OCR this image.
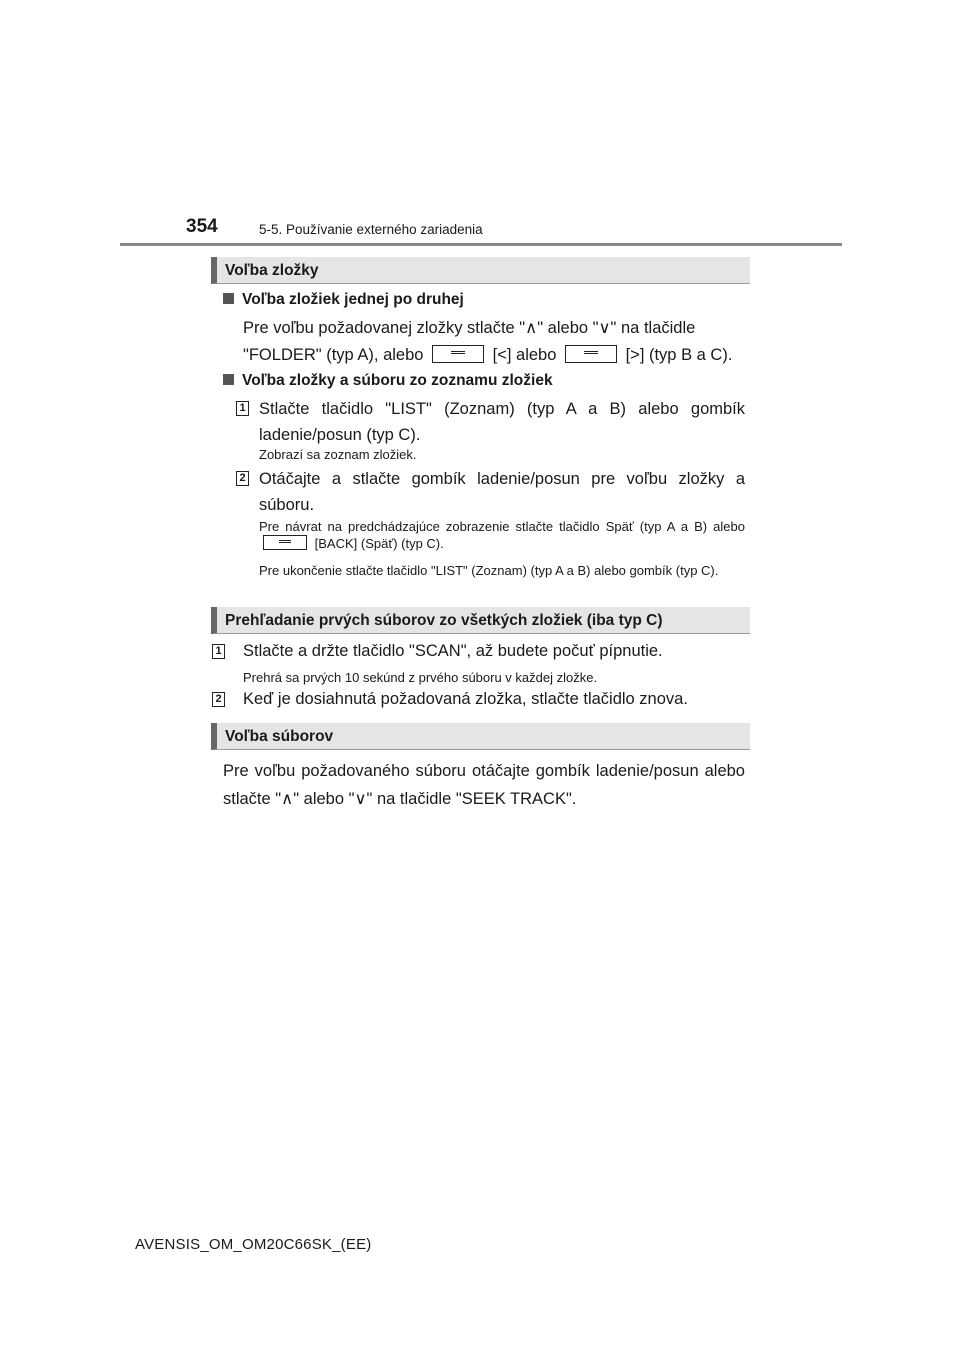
354	5-5. Používanie externého zariadenia
Voľba zložky
Voľba zložiek jednej po druhej
Pre voľbu požadovanej zložky stlačte "∧" alebo "∨" na tlačidle
"FOLDER" (typ A), alebo	[<] alebo	[>] (typ B a C).
Voľba zložky a súboru zo zoznamu zložiek
1 Stlačte tlačidlo "LIST" (Zoznam) (typ A a B) alebo gombík ladenie/posun (typ C).
Zobrazí sa zoznam zložiek.
2 Otáčajte a stlačte gombík ladenie/posun pre voľbu zložky a súboru.
Pre návrat na predchádzajúce zobrazenie stlačte tlačidlo Späť (typ A a B) alebo  [BACK] (Späť) (typ C).
Pre ukončenie stlačte tlačidlo "LIST" (Zoznam) (typ A a B) alebo gombík (typ C).
Prehľadanie prvých súborov zo všetkých zložiek (iba typ C)
1 Stlačte a držte tlačidlo "SCAN", až budete počuť pípnutie.
Prehrá sa prvých 10 sekúnd z prvého súboru v každej zložke.
2 Keď je dosiahnutá požadovaná zložka, stlačte tlačidlo znova.
Voľba súborov
Pre voľbu požadovaného súboru otáčajte gombík ladenie/posun alebo stlačte "∧" alebo "∨" na tlačidle "SEEK TRACK".
AVENSIS_OM_OM20C66SK_(EE)
